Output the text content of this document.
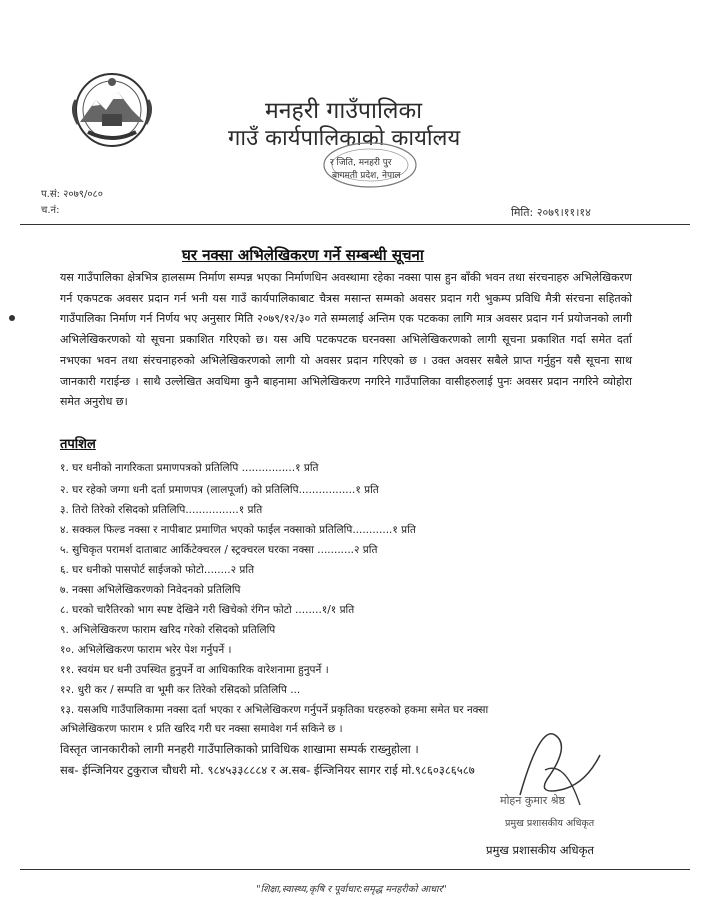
मनहरी गाउँपालिका
गाउँ कार्यपालिकाको कार्यालय
र जिति, मनहरी पुर
बागमती प्रदेश, नेपाल
प.सं: २०७९/०८०
च.नं:	मिति: २०७९।११।१४
घर नक्सा अभिलेखिकरण गर्ने सम्बन्धी सूचना
यस गाउँपालिका क्षेत्रभित्र हालसम्म निर्माण सम्पन्न भएका निर्माणधिन अवस्थामा रहेका नक्सा पास हुन बाँकी भवन तथा संरचनाहरु अभिलेखिकरण गर्न एकपटक अवसर प्रदान गर्न भनी यस गाउँ कार्यपालिकाबाट चैत्रस मसान्त सम्मको अवसर प्रदान गरी भुकम्प प्रविधि मैत्री संरचना सहितको गाउँपालिका निर्माण गर्न निर्णय भए अनुसार मिति २०७९/१२/३० गते सम्मलाई अन्तिम एक पटकका लागि मात्र अवसर प्रदान गर्न प्रयोजनको लागी अभिलेखिकरणको यो सूचना प्रकाशित गरिएको छ। यस अघि पटकपटक घरनक्सा अभिलेखिकरणको लागी सूचना प्रकाशित गर्दा समेत दर्ता नभएका भवन तथा संरचनाहरुको अभिलेखिकरणको लागी यो अवसर प्रदान गरिएको छ । उक्त अवसर सबैले प्राप्त गर्नुहुन यसै सूचना साथ जानकारी गराईन्छ । साथै उल्लेखित अवधिमा कुनै बाहनामा अभिलेखिकरण नगरिने गाउँपालिका वासीहरुलाई पुनः अवसर प्रदान नगरिने व्योहोरा समेत अनुरोध छ।
तपशिल
१. घर धनीको नागरिकता प्रमाणपत्रको प्रतिलिपि ................१ प्रति
२. घर रहेको जग्गा धनी दर्ता प्रमाणपत्र (लालपूर्जा) को प्रतिलिपि.................१ प्रति
३. तिरो तिरेको रसिदको प्रतिलिपि................१ प्रति
४. सक्कल फिल्ड नक्सा र नापीबाट प्रमाणित भएको फाईल नक्साको प्रतिलिपि............१ प्रति
५. सुचिकृत परामर्श दाताबाट आर्किटेक्चरल / स्ट्रक्चरल घरका नक्सा ...........२ प्रति
६. घर धनीको पासपोर्ट साईजको फोटो........२ प्रति
७. नक्सा अभिलेखिकरणको निवेदनको प्रतिलिपि
८. घरको चारैतिरको भाग स्पष्ट देखिने गरी खिचेको रंगिन फोटो ........१/१ प्रति
९. अभिलेखिकरण फाराम खरिद गरेको रसिदको प्रतिलिपि
१०. अभिलेखिकरण फाराम भरेर पेश गर्नुपर्ने ।
११. स्वयंम घर धनी उपस्थित हुनुपर्ने वा आधिकारिक वारेशनामा हुनुपर्ने ।
१२. धुरी कर / सम्पति वा भूमी कर तिरेको रसिदको प्रतिलिपि ...
१३. यसअघि गाउँपालिकामा नक्सा दर्ता भएका र अभिलेखिकरण गर्नुपर्ने प्रकृतिका घरहरुको हकमा समेत घर नक्सा
अभिलेखिकरण फाराम १ प्रति खरिद गरी घर नक्सा समावेश गर्न सकिने छ ।
विस्तृत जानकारीको लागी मनहरी गाउँपालिकाको प्राविधिक शाखामा सम्पर्क राख्नुहोला ।
सब- ईन्जिनियर टुकुराज चौधरी मो. ९८४५३३८८८४ र अ.सब- ईन्जिनियर सागर राई मो.९८६०३८६५८७
मोहन कुमार श्रेष्ठ
प्रमुख प्रशासकीय अधिकृत
प्रमुख प्रशासकीय अधिकृत
"शिक्षा,स्वास्थ्य,कृषि र पूर्वाधार:समृद्ध मनहरीको आधार"
